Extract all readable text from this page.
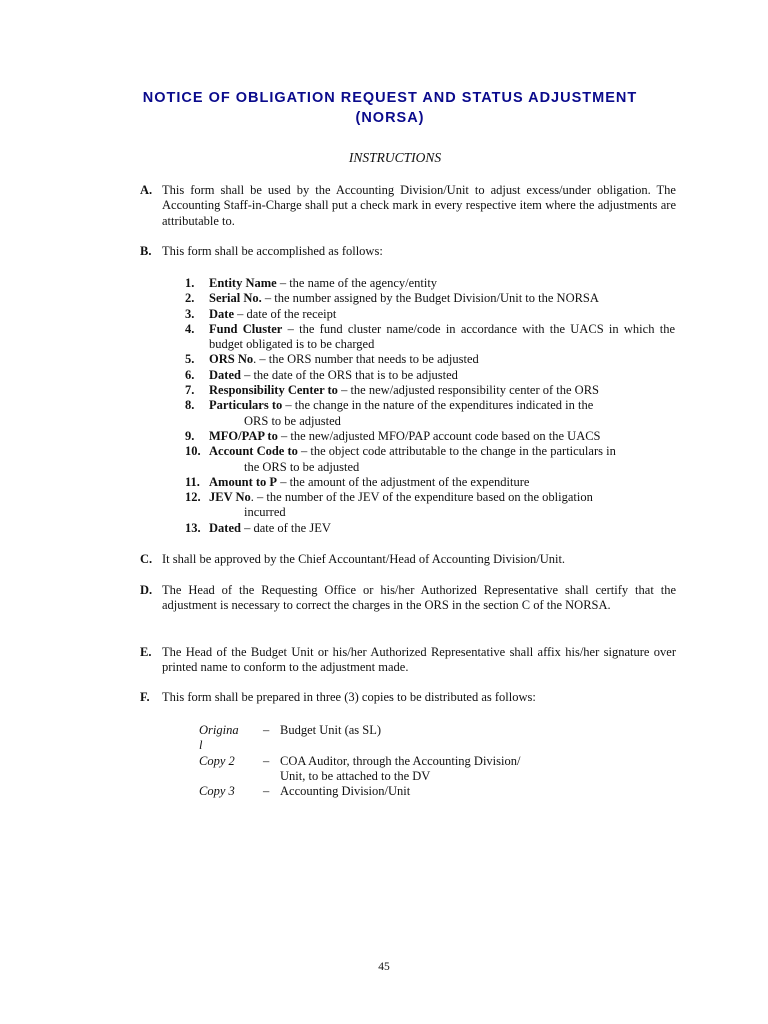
NOTICE OF OBLIGATION REQUEST AND STATUS ADJUSTMENT
(NORSA)
INSTRUCTIONS
A. This form shall be used by the Accounting Division/Unit to adjust excess/under obligation. The Accounting Staff-in-Charge shall put a check mark in every respective item where the adjustments are attributable to.
B. This form shall be accomplished as follows:
1. Entity Name – the name of the agency/entity
2. Serial No. – the number assigned by the Budget Division/Unit to the NORSA
3. Date – date of the receipt
4. Fund Cluster – the fund cluster name/code in accordance with the UACS in which the budget obligated is to be charged
5. ORS No. – the ORS number that needs to be adjusted
6. Dated – the date of the ORS that is to be adjusted
7. Responsibility Center to – the new/adjusted responsibility center of the ORS
8. Particulars to – the change in the nature of the expenditures indicated in the
ORS to be adjusted
9. MFO/PAP to – the new/adjusted MFO/PAP account code based on the UACS
10. Account Code to – the object code attributable to the change in the particulars in
the ORS to be adjusted
11. Amount to P – the amount of the adjustment of the expenditure
12. JEV No. – the number of the JEV of the expenditure based on the obligation
incurred
13. Dated – date of the JEV
C. It shall be approved by the Chief Accountant/Head of Accounting Division/Unit.
D. The Head of the Requesting Office or his/her Authorized Representative shall certify that the adjustment is necessary to correct the charges in the ORS in the section C of the NORSA.
E. The Head of the Budget Unit or his/her Authorized Representative shall affix his/her signature over printed name to conform to the adjustment made.
F. This form shall be prepared in three (3) copies to be distributed as follows:
Origina	– Budget Unit (as SL)
l
Copy 2	– COA Auditor, through the Accounting Division/
Unit, to be attached to the DV
Copy 3	– Accounting Division/Unit
45
